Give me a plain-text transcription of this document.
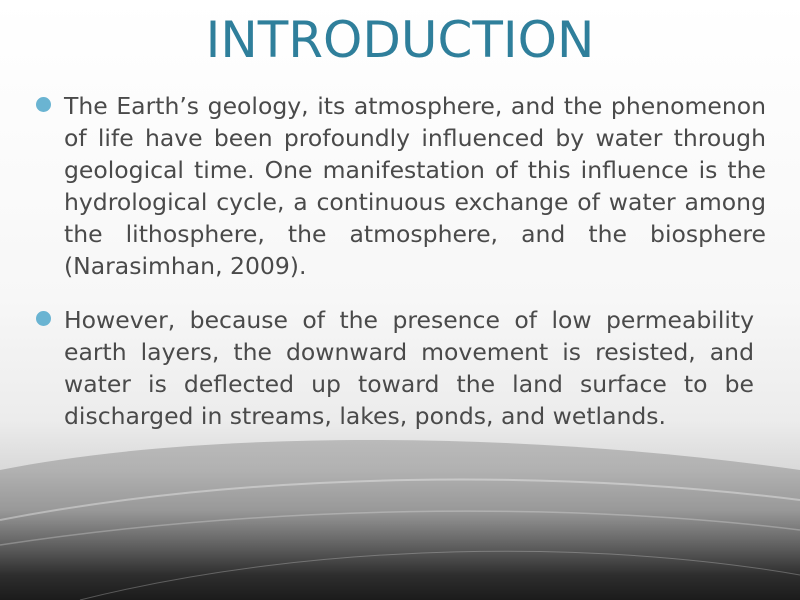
INTRODUCTION

The Earth’s geology, its atmosphere, and the phenomenon of life have been profoundly influenced by water through geological time. One manifestation of this influence is the hydrological cycle, a continuous exchange of water among the lithosphere, the atmosphere, and the biosphere (Narasimhan, 2009).

However, because of the presence of low permeability earth layers, the downward movement is resisted, and water is deflected up toward the land surface to be discharged in streams, lakes, ponds, and wetlands.
